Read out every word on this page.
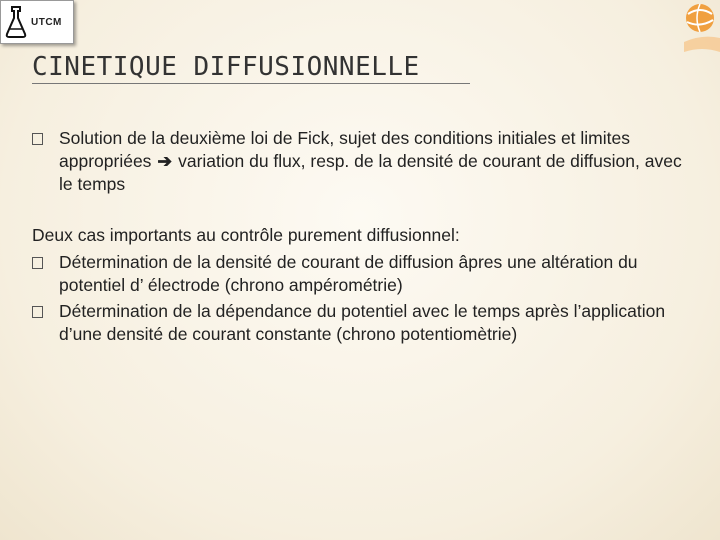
UTCM
CINETIQUE DIFFUSIONNELLE
Solution de la deuxième loi de Fick, sujet des conditions initiales et limites appropriées ➔ variation du flux, resp. de la densité de courant de diffusion, avec le temps
Deux cas importants au contrôle purement diffusionnel:
Détermination de la densité de courant de diffusion âpres une altération du potentiel d’ électrode (chrono ampérométrie)
Détermination de la dépendance du potentiel avec le temps après l’application d’une densité de courant constante (chrono potentiomètrie)
